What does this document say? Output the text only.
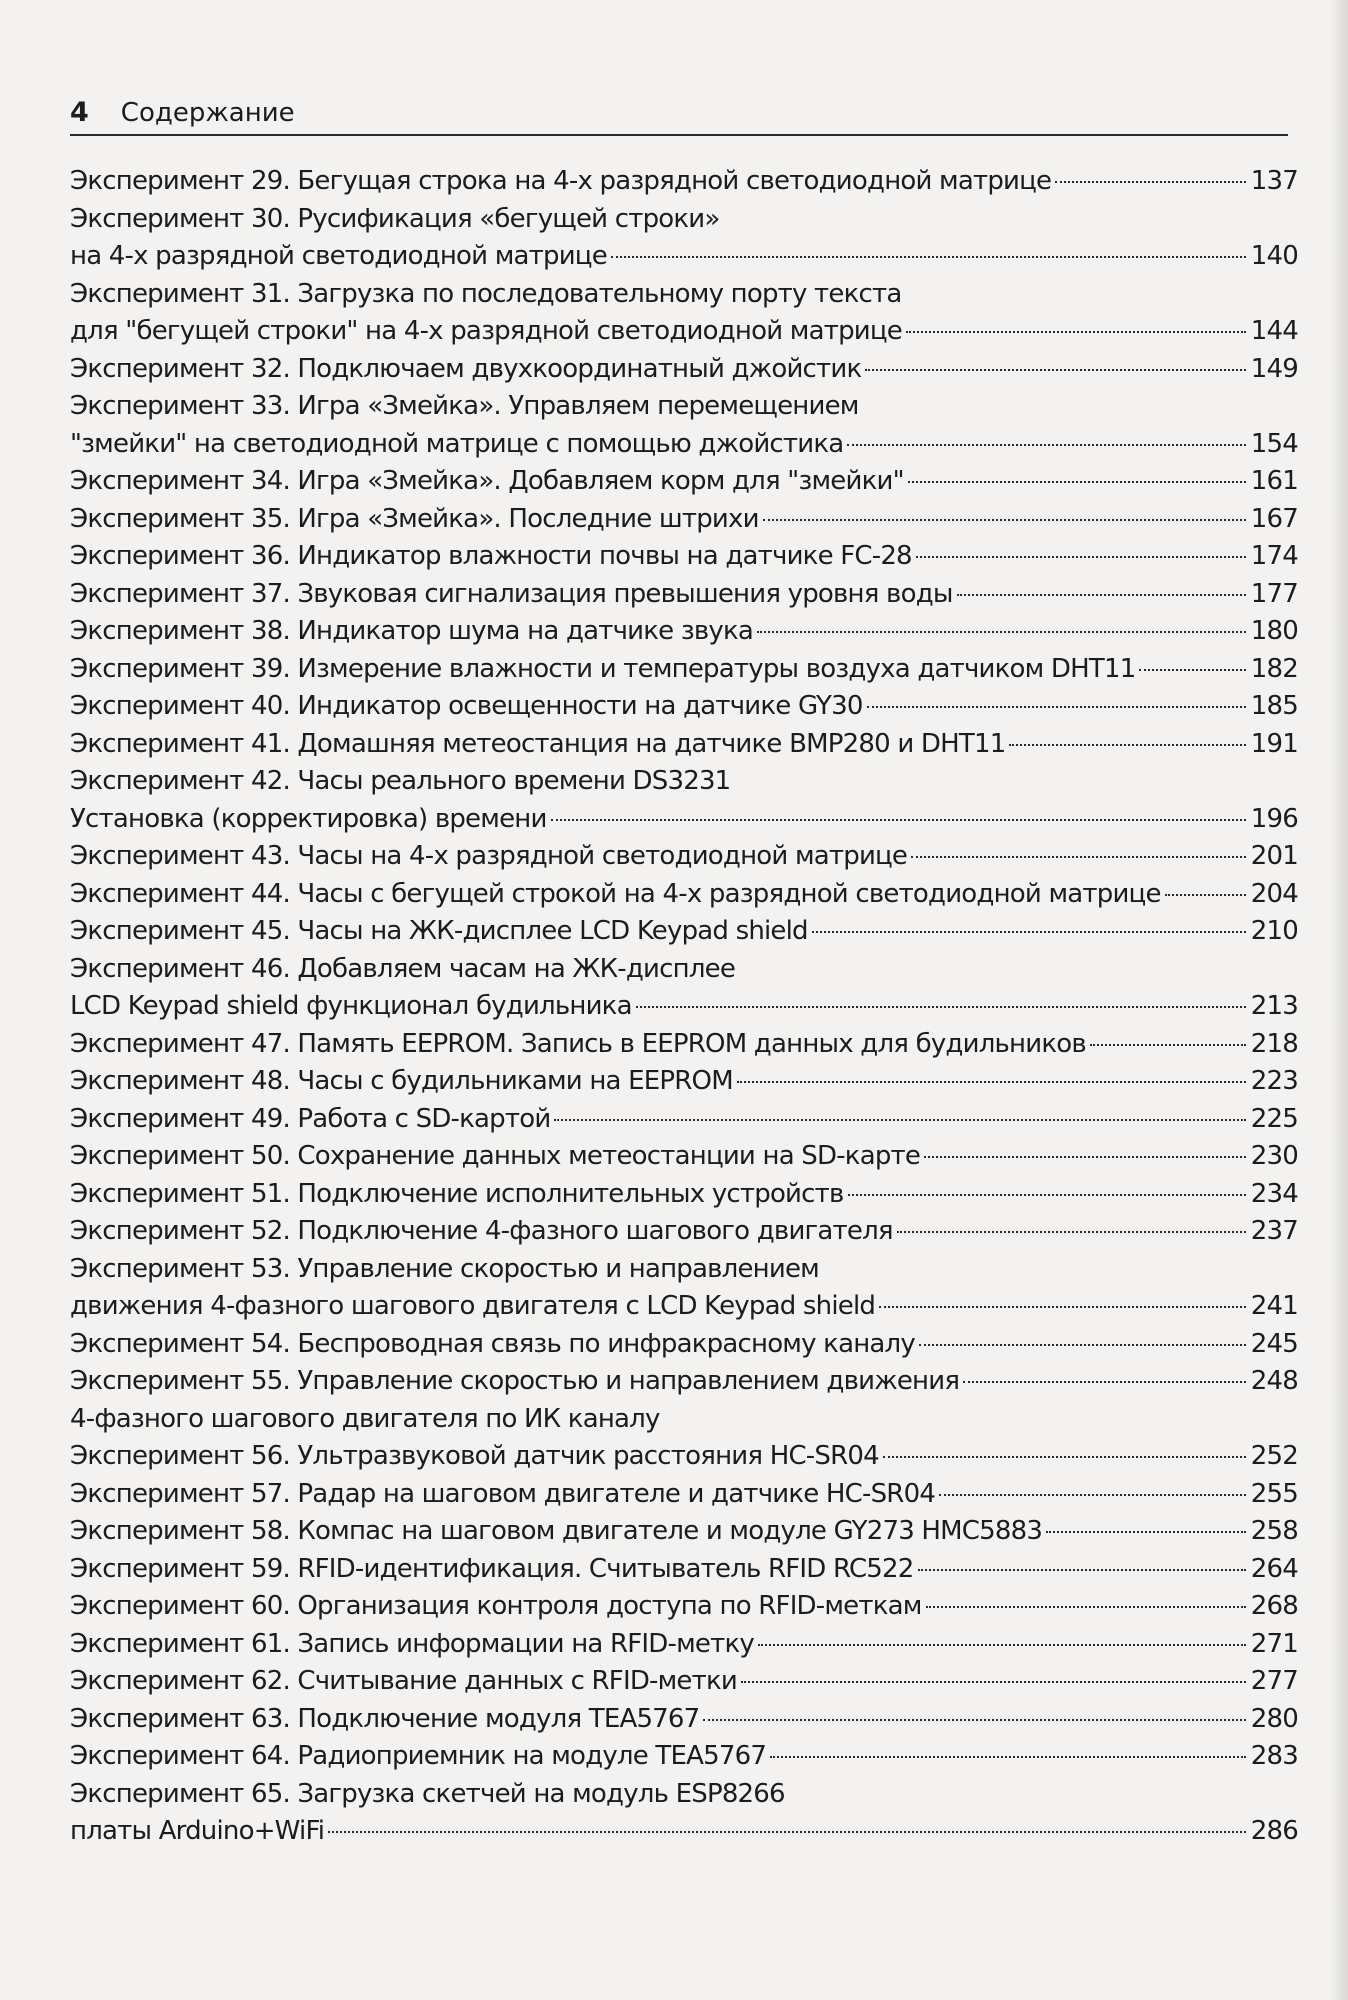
4 Содержание
Эксперимент 29. Бегущая строка на 4-х разрядной светодиодной матрице	137
Эксперимент 30. Русификация «бегущей строки»
на 4-х разрядной светодиодной матрице	140
Эксперимент 31. Загрузка по последовательному порту текста
для "бегущей строки" на 4-х разрядной светодиодной матрице	144
Эксперимент 32. Подключаем двухкоординатный джойстик	149
Эксперимент 33. Игра «Змейка». Управляем перемещением
"змейки" на светодиодной матрице с помощью джойстика	154
Эксперимент 34. Игра «Змейка». Добавляем корм для "змейки"	161
Эксперимент 35. Игра «Змейка». Последние штрихи	167
Эксперимент 36. Индикатор влажности почвы на датчике FC-28	174
Эксперимент 37. Звуковая сигнализация превышения уровня воды	177
Эксперимент 38. Индикатор шума на датчике звука	180
Эксперимент 39. Измерение влажности и температуры воздуха датчиком DHT11	182
Эксперимент 40. Индикатор освещенности на датчике GY30	185
Эксперимент 41. Домашняя метеостанция на датчике BMP280 и DHT11	191
Эксперимент 42. Часы реального времени DS3231
Установка (корректировка) времени	196
Эксперимент 43. Часы на 4-х разрядной светодиодной матрице	201
Эксперимент 44. Часы с бегущей строкой на 4-х разрядной светодиодной матрице	204
Эксперимент 45. Часы на ЖК-дисплее LCD Keypad shield	210
Эксперимент 46. Добавляем часам на ЖК-дисплее
LCD Keypad shield функционал будильника	213
Эксперимент 47. Память EEPROM. Запись в EEPROM данных для будильников	218
Эксперимент 48. Часы с будильниками на EEPROM	223
Эксперимент 49. Работа с SD-картой	225
Эксперимент 50. Сохранение данных метеостанции на SD-карте	230
Эксперимент 51. Подключение исполнительных устройств	234
Эксперимент 52. Подключение 4-фазного шагового двигателя	237
Эксперимент 53. Управление скоростью и направлением
движения 4-фазного шагового двигателя с LCD Keypad shield	241
Эксперимент 54. Беспроводная связь по инфракрасному каналу	245
Эксперимент 55. Управление скоростью и направлением движения	248
4-фазного шагового двигателя по ИК каналу
Эксперимент 56. Ультразвуковой датчик расстояния HC-SR04	252
Эксперимент 57. Радар на шаговом двигателе и датчике HC-SR04	255
Эксперимент 58. Компас на шаговом двигателе и модуле GY273 HMC5883	258
Эксперимент 59. RFID-идентификация. Считыватель RFID RC522	264
Эксперимент 60. Организация контроля доступа по RFID-меткам	268
Эксперимент 61. Запись информации на RFID-метку	271
Эксперимент 62. Считывание данных с RFID-метки	277
Эксперимент 63. Подключение модуля TEA5767	280
Эксперимент 64. Радиоприемник на модуле TEA5767	283
Эксперимент 65. Загрузка скетчей на модуль ESP8266
платы Arduino+WiFi	286
